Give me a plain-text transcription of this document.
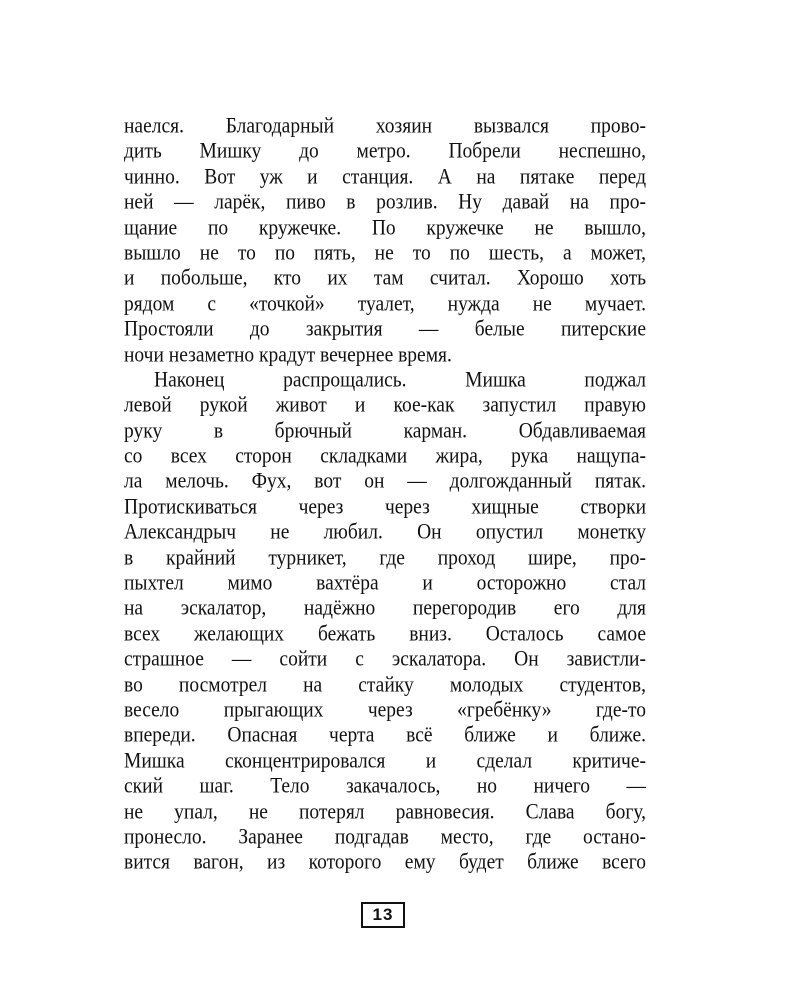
наелся. Благодарный хозяин вызвался прово-
дить Мишку до метро. Побрели неспешно,
чинно. Вот уж и станция. А на пятаке перед
ней — ларёк, пиво в розлив. Ну давай на про-
щание по кружечке. По кружечке не вышло,
вышло не то по пять, не то по шесть, а может,
и побольше, кто их там считал. Хорошо хоть
рядом с «точкой» туалет, нужда не мучает.
Простояли до закрытия — белые питерские
ночи незаметно крадут вечернее время.
Наконец распрощались. Мишка поджал
левой рукой живот и кое-как запустил правую
руку в брючный карман. Обдавливаемая
со всех сторон складками жира, рука нащупа-
ла мелочь. Фух, вот он — долгожданный пятак.
Протискиваться через через хищные створки
Александрыч не любил. Он опустил монетку
в крайний турникет, где проход шире, про-
пыхтел мимо вахтёра и осторожно стал
на эскалатор, надёжно перегородив его для
всех желающих бежать вниз. Осталось самое
страшное — сойти с эскалатора. Он завистли-
во посмотрел на стайку молодых студентов,
весело прыгающих через «гребёнку» где-то
впереди. Опасная черта всё ближе и ближе.
Мишка сконцентрировался и сделал критиче-
ский шаг. Тело закачалось, но ничего —
не упал, не потерял равновесия. Слава богу,
пронесло. Заранее подгадав место, где остано-
вится вагон, из которого ему будет ближе всего
13
